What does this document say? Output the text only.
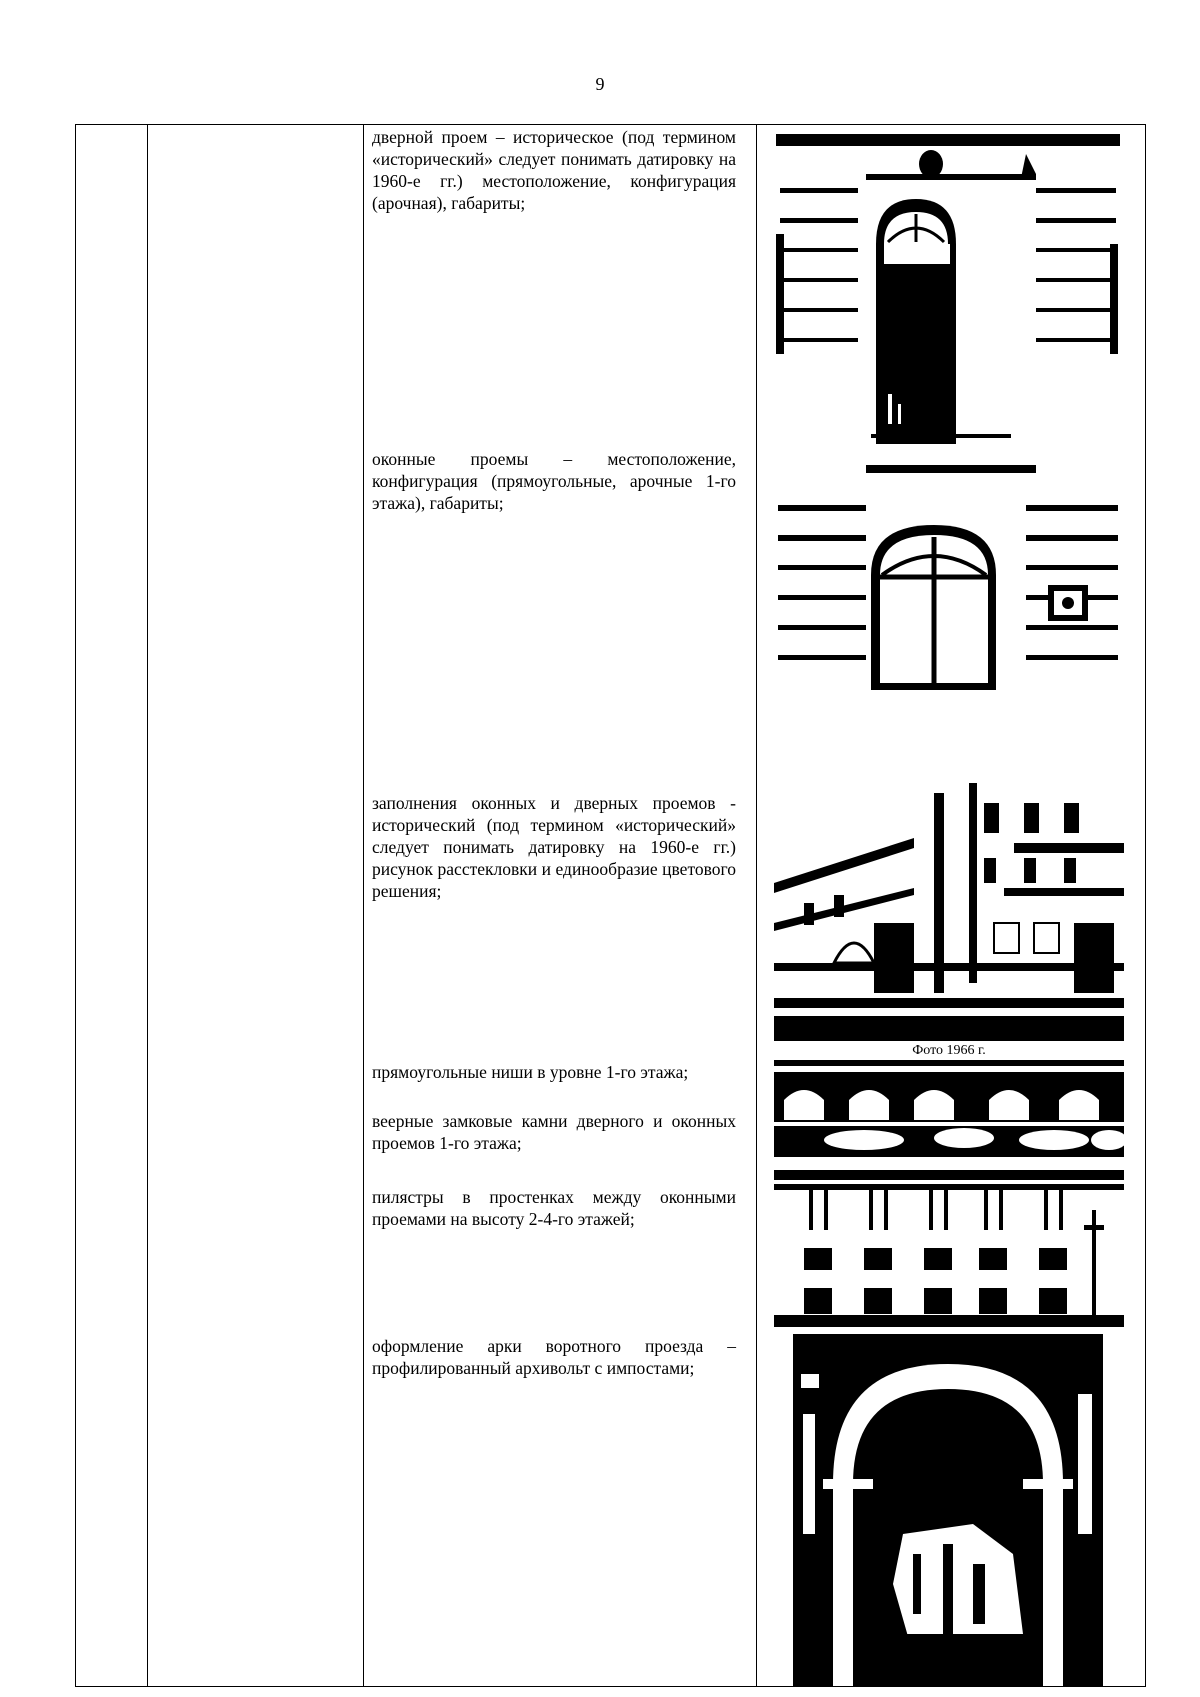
9
дверной проем – историческое (под термином «исторический» следует понимать датировку на 1960-е гг.) местоположение, конфигурация (арочная), габариты;
оконные проемы – местоположение, конфигурация (прямоугольные, арочные 1-го этажа), габариты;
заполнения оконных и дверных проемов - исторический (под термином «исторический» следует понимать датировку на 1960-е гг.) рисунок расстекловки и единообразие цветового решения;
прямоугольные ниши в уровне 1-го этажа;
веерные замковые камни дверного и оконных проемов 1-го этажа;
пилястры в простенках между оконными проемами на высоту 2-4-го этажей;
оформление арки воротного проезда – профилированный архивольт с импостами;
Фото 1966 г.
